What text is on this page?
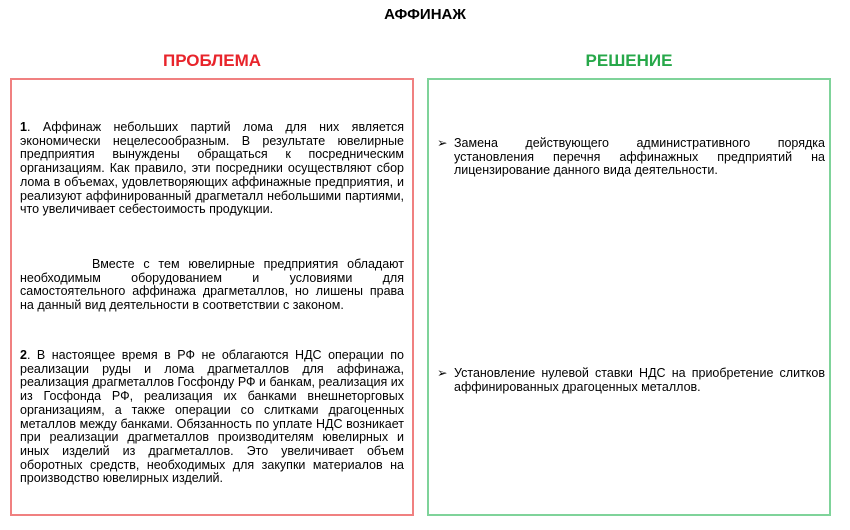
АФФИНАЖ
ПРОБЛЕМА	РЕШЕНИЕ

1. Аффинаж небольших партий лома для них является экономически нецелесообразным. В результате ювелирные предприятия вынуждены обращаться к посредническим организациям. Как правило, эти посредники осуществляют сбор лома в объемах, удовлетворяющих аффинажные предприятия, и реализуют аффинированный драгметалл небольшими партиями, что увеличивает себестоимость продукции.

Вместе с тем ювелирные предприятия обладают необходимым оборудованием и условиями для самостоятельного аффинажа драгметаллов, но лишены права на данный вид деятельности в соответствии с законом.

2. В настоящее время в РФ не облагаются НДС операции по реализации руды и лома драгметаллов для аффинажа, реализация драгметаллов Госфонду РФ и банкам, реализация их из Госфонда РФ, реализация их банками внешнеторговых организациям, а также операции со слитками драгоценных металлов между банками. Обязанность по уплате НДС возникает при реализации драгметаллов производителям ювелирных и иных изделий из драгметаллов. Это увеличивает объем оборотных средств, необходимых для закупки материалов на производство ювелирных изделий.

➢ Замена действующего административного порядка установления перечня аффинажных предприятий на лицензирование данного вида деятельности.
➢ Установление нулевой ставки НДС на приобретение слитков аффинированных драгоценных металлов.
